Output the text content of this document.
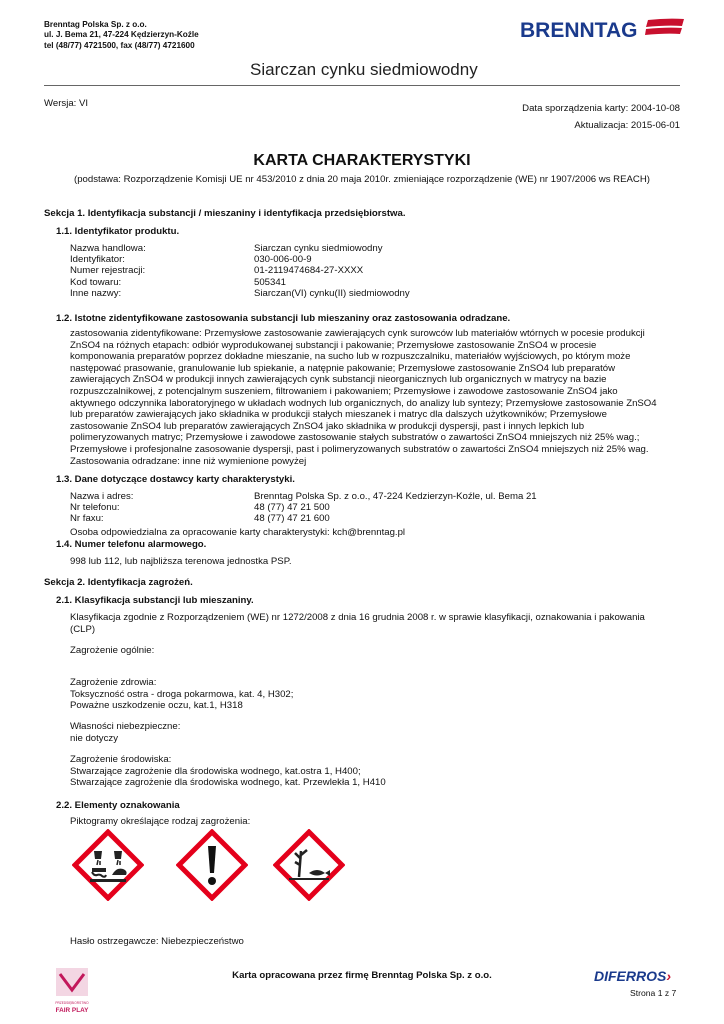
Brenntag Polska Sp. z o.o.
ul. J. Bema 21, 47-224 Kędzierzyn-Koźle
tel (48/77) 4721500, fax (48/77) 4721600
BRENNTAG
Siarczan cynku siedmiowodny
Wersja: VI	Data sporządzenia karty: 2004-10-08
Aktualizacja: 2015-06-01
KARTA CHARAKTERYSTYKI
(podstawa: Rozporządzenie Komisji UE nr 453/2010 z dnia 20 maja 2010r. zmieniające rozporządzenie (WE) nr 1907/2006 ws REACH)
Sekcja 1. Identyfikacja substancji / mieszaniny i identyfikacja przedsiębiorstwa.
1.1. Identyfikator produktu.
Nazwa handlowa:	Siarczan cynku siedmiowodny
Identyfikator:	030-006-00-9
Numer rejestracji:	01-2119474684-27-XXXX
Kod towaru:	505341
Inne nazwy:	Siarczan(VI) cynku(II) siedmiowodny
1.2. Istotne zidentyfikowane zastosowania substancji lub mieszaniny oraz zastosowania odradzane.
zastosowania zidentyfikowane: Przemysłowe zastosowanie zawierających cynk surowców lub materiałów wtórnych w pocesie produkcji
ZnSO4 na różnych etapach: odbiór wyprodukowanej substancji i pakowanie; Przemysłowe zastosowanie ZnSO4 w procesie
komponowania preparatów poprzez dokładne mieszanie, na sucho lub w rozpuszczalniku, materiałów wyjściowych, po którym może
następować prasowanie, granulowanie lub spiekanie, a natępnie pakowanie; Przemysłowe zastosowanie ZnSO4 lub preparatów
zawierających ZnSO4 w produkcji innych zawierających cynk substancji nieorganicznych lub organicznych w matrycy na bazie
rozpuszczalnikowej, z potencjalnym suszeniem, filtrowaniem i pakowaniem; Przemysłowe i zawodowe zastosowanie ZnSO4 jako
aktywnego odczynnika laboratoryjnego w układach wodnych lub organicznych, do analizy lub syntezy; Przemysłowe zastosowanie ZnSO4
lub preparatów zawierających jako składnika w produkcji stałych mieszanek i matryc dla dalszych użytkowników; Przemysłowe
zastosowanie ZnSO4 lub preparatów zawierających ZnSO4 jako składnika w produkcji dyspersji, past i innych lepkich lub
polimeryzowanych matryc; Przemysłowe i zawodowe zastosowanie stałych substratów o zawartości ZnSO4 mniejszych niż 25% wag.;
Przemysłowe i profesjonalne zasosowanie dyspersji, past i polimeryzowanych substratów o zawartości ZnSO4 mniejszych niż 25% wag.
Zastosowania odradzane: inne niż wymienione powyżej
1.3. Dane dotyczące dostawcy karty charakterystyki.
Nazwa i adres:	Brenntag Polska Sp. z o.o., 47-224 Kedzierzyn-Koźle, ul. Bema 21
Nr telefonu:	48 (77) 47 21 500
Nr faxu:	48 (77) 47 21 600
Osoba odpowiedzialna za opracowanie karty charakterystyki: kch@brenntag.pl
1.4. Numer telefonu alarmowego.
998 lub 112, lub najbliższa terenowa jednostka PSP.
Sekcja 2. Identyfikacja zagrożeń.
2.1. Klasyfikacja substancji lub mieszaniny.
Klasyfikacja zgodnie z Rozporządzeniem (WE) nr 1272/2008 z dnia 16 grudnia 2008 r. w sprawie klasyfikacji, oznakowania i pakowania
(CLP)
Zagrożenie ogólnie:
Zagrożenie zdrowia:
Toksyczność ostra - droga pokarmowa, kat. 4, H302;
Poważne uszkodzenie oczu, kat.1, H318
Własności niebezpieczne:
nie dotyczy
Zagrożenie środowiska:
Stwarzające zagrożenie dla środowiska wodnego, kat.ostra 1, H400;
Stwarzające zagrożenie dla środowiska wodnego, kat. Przewlekła 1, H410
2.2. Elementy oznakowania
Piktogramy określające rodzaj zagrożenia:
Hasło ostrzegawcze: Niebezpieczeństwo
PRZEDSIĘBIORSTWO
FAIR PLAY
Karta opracowana przez firmę Brenntag Polska Sp. z o.o.	DIFERROS›
Strona 1 z 7
